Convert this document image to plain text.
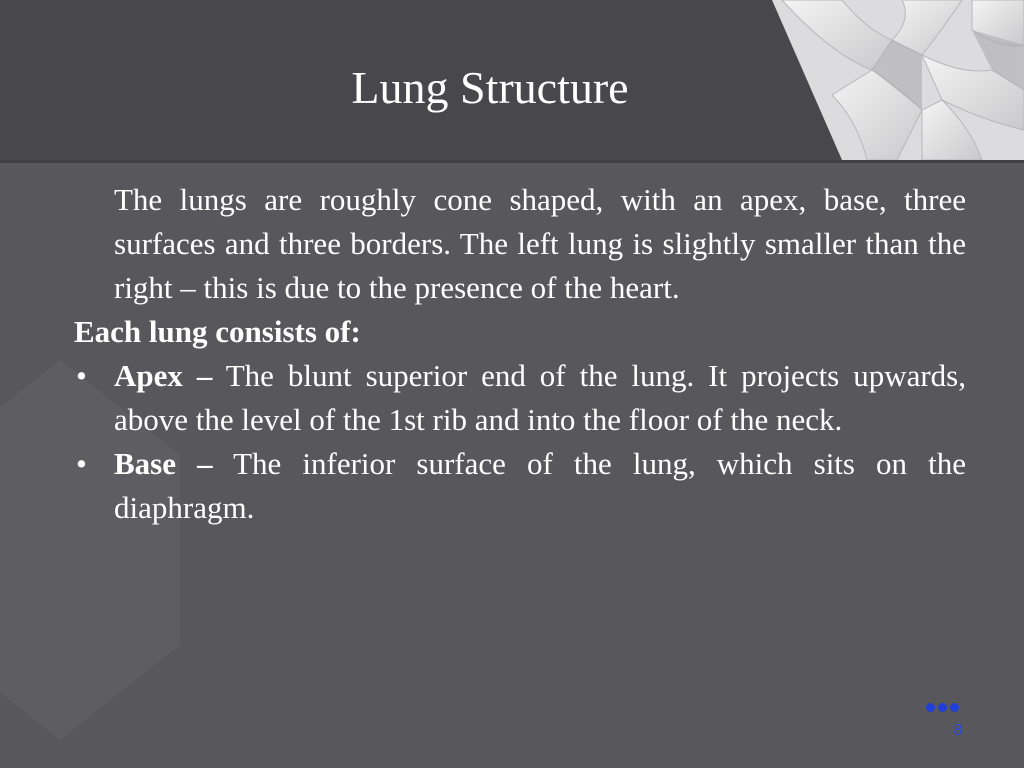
Lung Structure

The lungs are roughly cone shaped, with an apex, base, three surfaces and three borders. The left lung is slightly smaller than the right – this is due to the presence of the heart.

Each lung consists of:

• Apex – The blunt superior end of the lung. It projects upwards, above the level of the 1st rib and into the floor of the neck.
• Base – The inferior surface of the lung, which sits on the diaphragm.
8
